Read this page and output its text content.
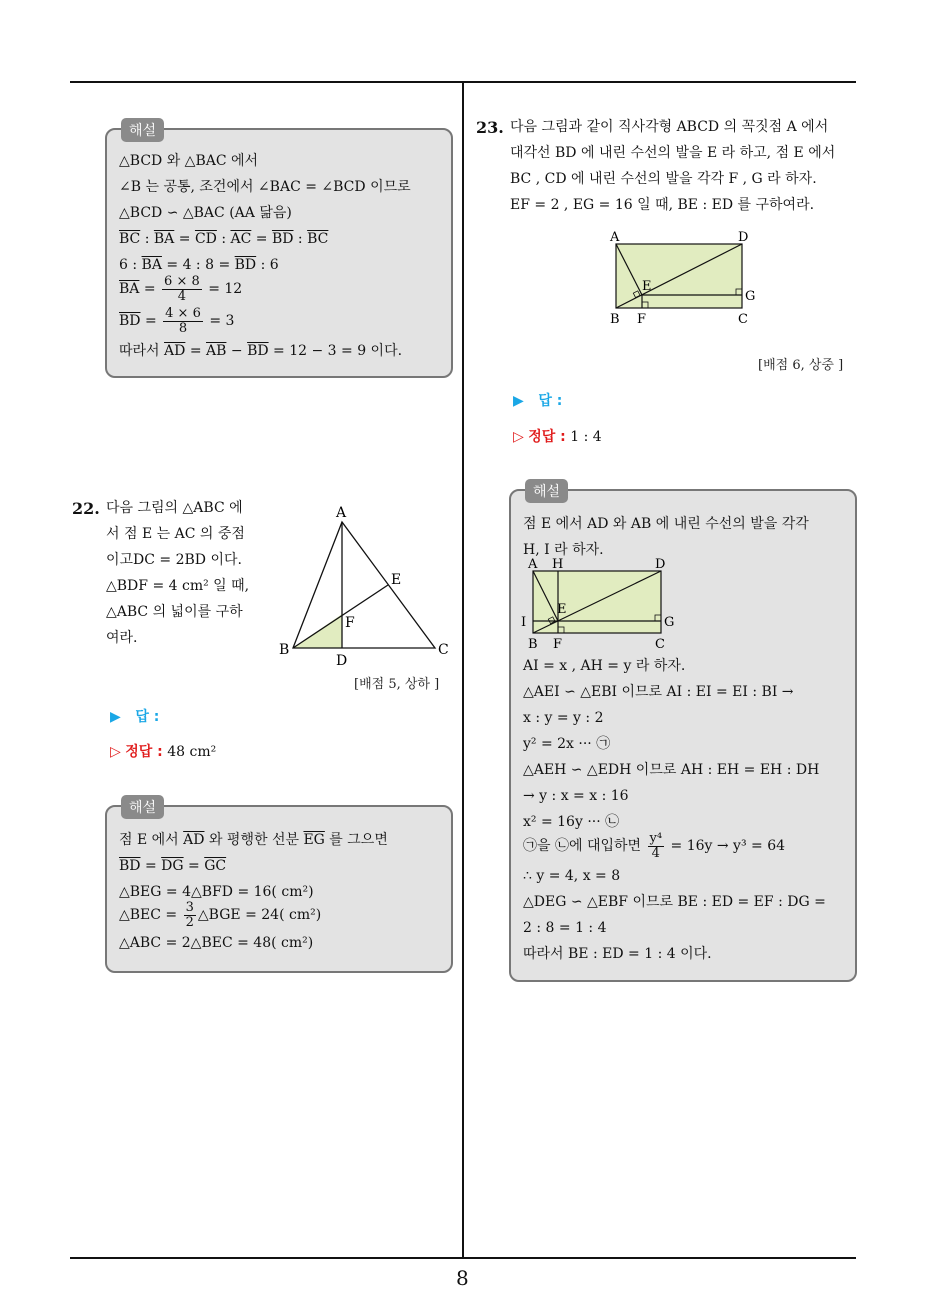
8
해설
△BCD 와 △BAC 에서
∠B 는 공통, 조건에서 ∠BAC = ∠BCD 이므로
△BCD ∽ △BAC (AA 닮음)
$\overline{BC}$ : $\overline{BA} = \overline{CD}$ : $\overline{AC} = \overline{BD}$ : $\overline{BC}$
6 : $\overline{BA} = 4$ : $8 = \overline{BD}$ : 6
$\overline{BA} = \frac{6 \times 8}{4} = 12$
$\overline{BD} = \frac{4 \times 6}{8} = 3$
따라서 $\overline{AD} = \overline{AB} - \overline{BD} = 12 - 3 = 9$ 이다.
22. 다음 그림의 △ABC 에
서 점 E 는 AC 의 중점
이고DC = 2BD 이다.
△BDF = 4 cm² 일 때,
△ABC 의 넓이를 구하
여라.
A
B	C
D
E
F
[배점 5, 상하 ]
▶ 답 :
▷ 정답 : 48 cm²
해설
점 E 에서 $\overline{AD}$ 와 평행한 선분 $\overline{EG}$ 를 그으면
$\overline{BD} = \overline{DG} = \overline{GC}$
△BEG = 4△BFD = 16( cm²)
△BEC = $\frac{3}{2}$ △BGE = 24( cm²)
△ABC = 2△BEC = 48( cm²)
23. 다음 그림과 같이 직사각형 ABCD 의 꼭짓점 A 에서
대각선 BD 에 내린 수선의 발을 E 라 하고, 점 E 에서
BC , CD 에 내린 수선의 발을 각각 F , G 라 하자.
EF = 2 , EG = 16 일 때, BE : ED 를 구하여라.
A	D
E
G
B F	C
[배점 6, 상중 ]
▶ 답 :
▷ 정답 : 1 : 4
해설
점 E 에서 AD 와 AB 에 내린 수선의 발을 각각
H, I 라 하자.
A H	D
I
E
G
B F	C
AI = x , AH = y 라 하자.
△AEI ∽ △EBI 이므로 AI : EI = EI : BI →
x : y = y : 2
y² = 2x ··· ㉠
△AEH ∽ △EDH 이므로 AH : EH = EH : DH
→ y : x = x : 16
x² = 16y ··· ㉡
㉠을 ㉡에 대입하면 $\frac{\text{y⁴}}{4} = 16y \to y^3 = 64$
∴ y = 4, x = 8
△DEG ∽ △EBF 이므로 BE : ED = EF : DG =
2 : 8 = 1 : 4
따라서 BE : ED = 1 : 4 이다.
